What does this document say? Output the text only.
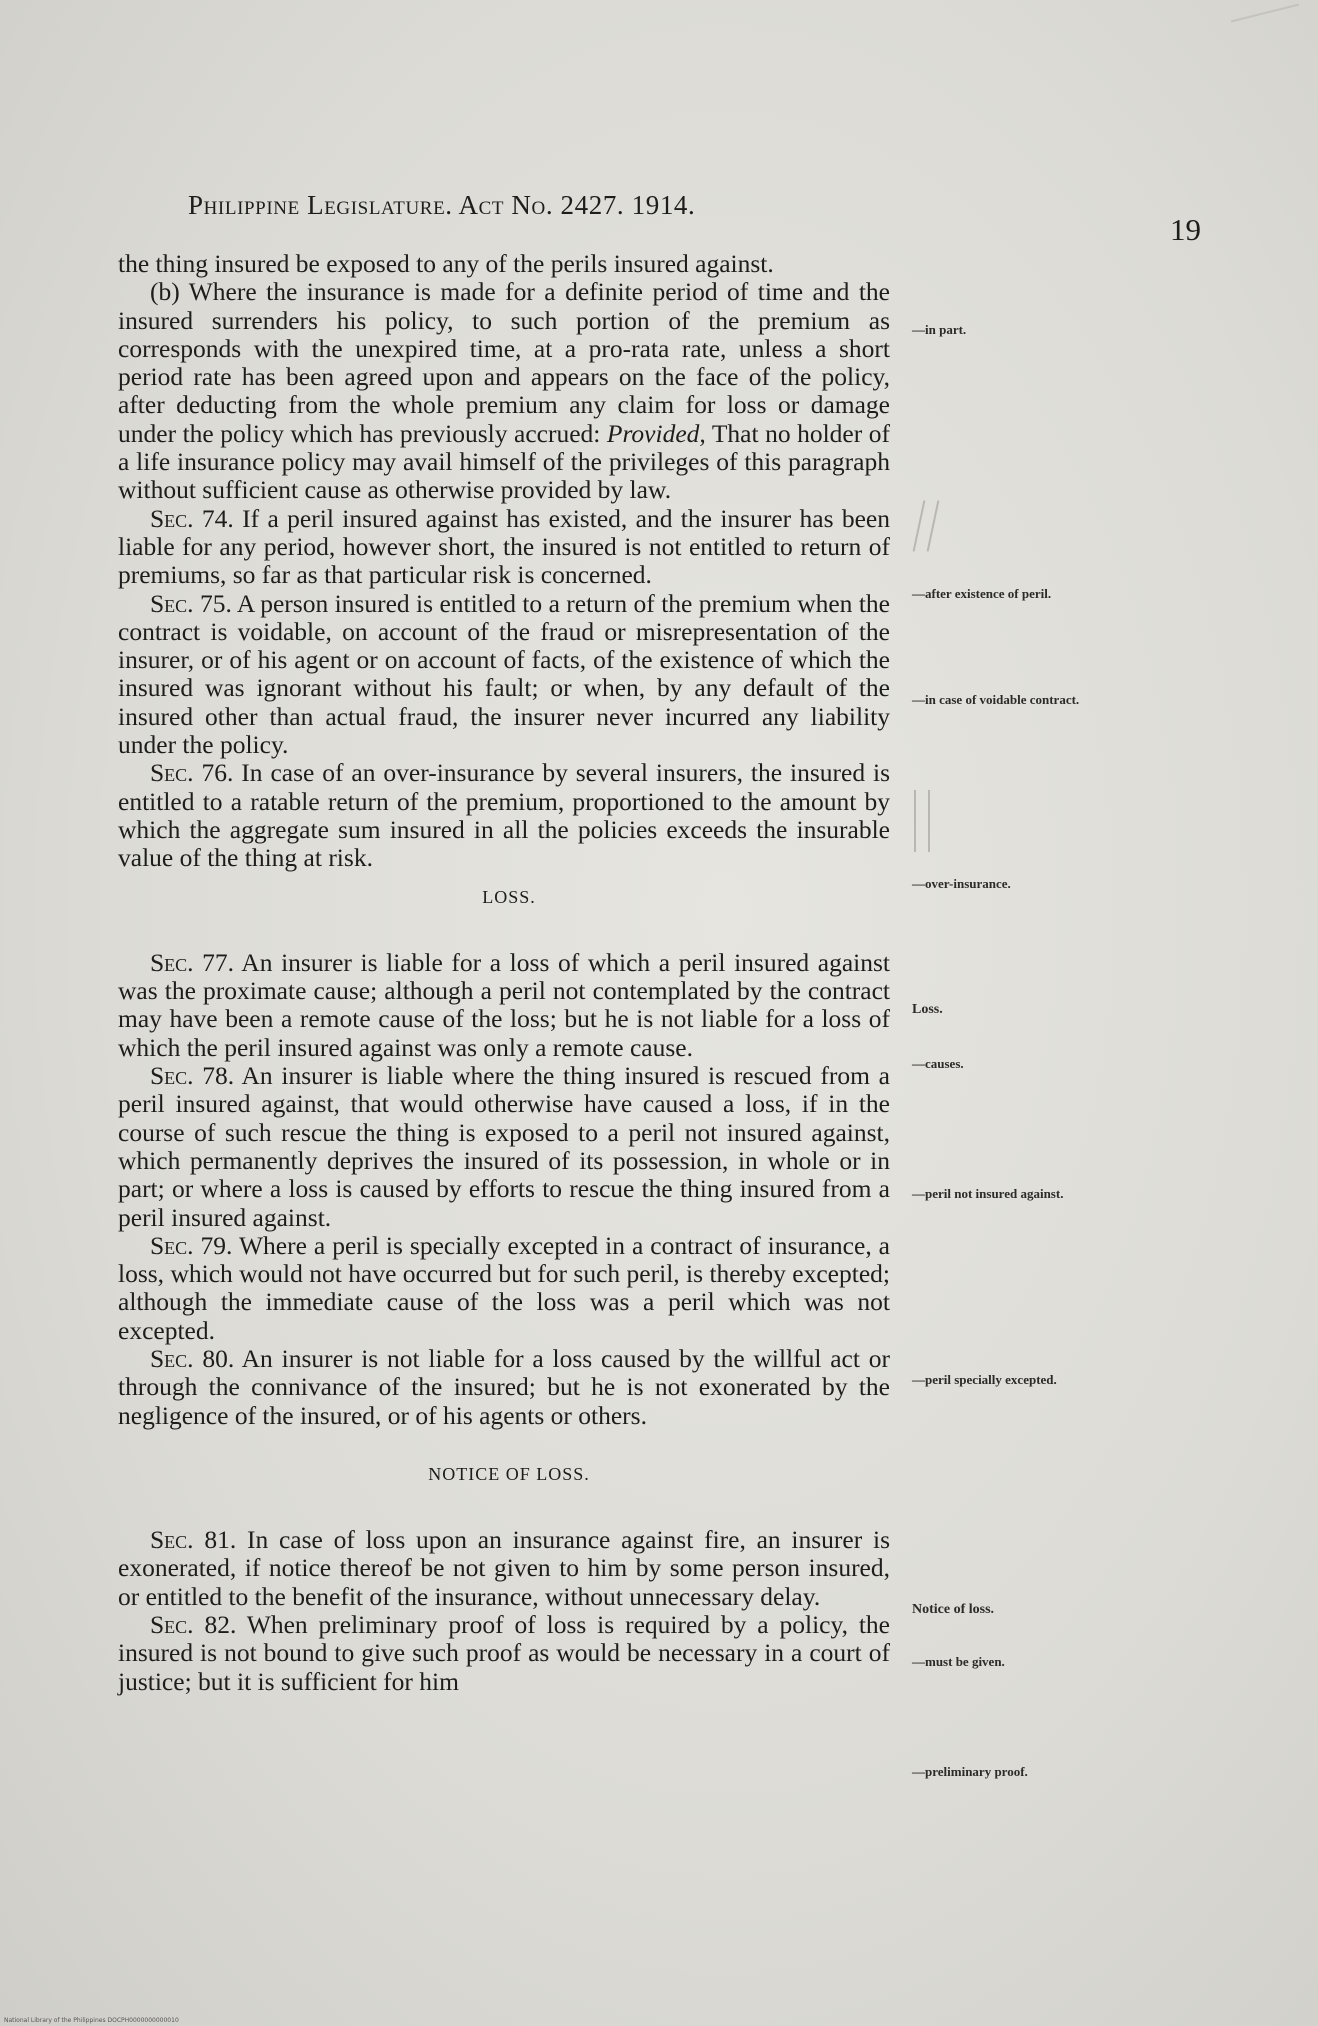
Philippine Legislature. Act No. 2427. 1914.
19

the thing insured be exposed to any of the perils insured against.

(b) Where the insurance is made for a definite period of time and the insured surrenders his policy, to such portion of the premium as corresponds with the unexpired time, at a pro-rata rate, unless a short period rate has been agreed upon and appears on the face of the policy, after deducting from the whole premium any claim for loss or damage under the policy which has previously accrued: Provided, That no holder of a life insurance policy may avail himself of the privileges of this paragraph without sufficient cause as otherwise provided by law.

Sec. 74. If a peril insured against has existed, and the insurer has been liable for any period, however short, the insured is not entitled to return of premiums, so far as that particular risk is concerned.

Sec. 75. A person insured is entitled to a return of the premium when the contract is voidable, on account of the fraud or misrepresentation of the insurer, or of his agent or on account of facts, of the existence of which the insured was ignorant without his fault; or when, by any default of the insured other than actual fraud, the insurer never incurred any liability under the policy.

Sec. 76. In case of an over-insurance by several insurers, the insured is entitled to a ratable return of the premium, proportioned to the amount by which the aggregate sum insured in all the policies exceeds the insurable value of the thing at risk.

LOSS.

Sec. 77. An insurer is liable for a loss of which a peril insured against was the proximate cause; although a peril not contemplated by the contract may have been a remote cause of the loss; but he is not liable for a loss of which the peril insured against was only a remote cause.

Sec. 78. An insurer is liable where the thing insured is rescued from a peril insured against, that would otherwise have caused a loss, if in the course of such rescue the thing is exposed to a peril not insured against, which permanently deprives the insured of its possession, in whole or in part; or where a loss is caused by efforts to rescue the thing insured from a peril insured against.

Sec. 79. Where a peril is specially excepted in a contract of insurance, a loss, which would not have occurred but for such peril, is thereby excepted; although the immediate cause of the loss was a peril which was not excepted.

Sec. 80. An insurer is not liable for a loss caused by the willful act or through the connivance of the insured; but he is not exonerated by the negligence of the insured, or of his agents or others.

NOTICE OF LOSS.

Sec. 81. In case of loss upon an insurance against fire, an insurer is exonerated, if notice thereof be not given to him by some person insured, or entitled to the benefit of the insurance, without unnecessary delay.

Sec. 82. When preliminary proof of loss is required by a policy, the insured is not bound to give such proof as would be necessary in a court of justice; but it is sufficient for him

—in part.
—after existence of peril.
—in case of voidable contract.
—over-insurance.
Loss.
—causes.
—peril not insured against.
—peril specially excepted.
Notice of loss.
—must be given.
—preliminary proof.
National Library of the Philippines DOCPH0000000000010
